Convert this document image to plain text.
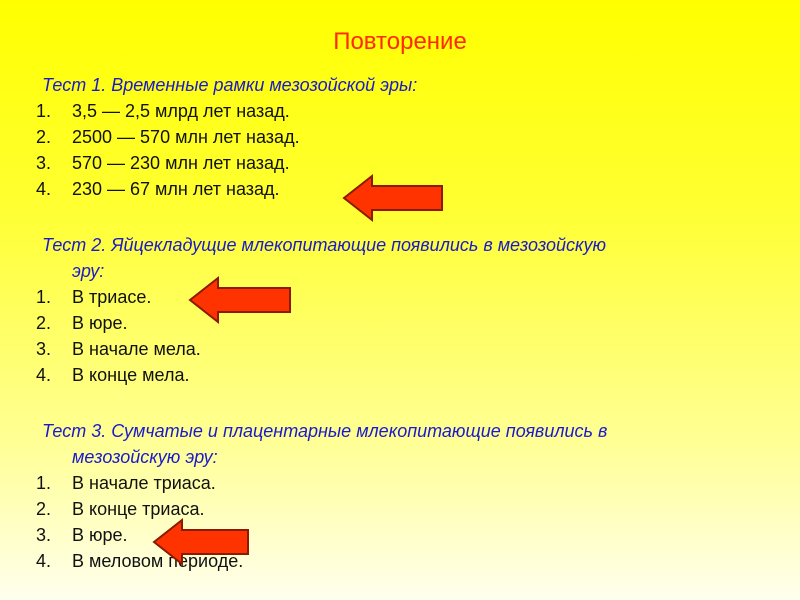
Повторение
Тест 1. Временные рамки мезозойской эры:
1. 3,5 — 2,5 млрд лет назад.
2. 2500 — 570 млн лет назад.
3. 570 — 230 млн лет назад.
4. 230 — 67 млн лет назад.
Тест 2. Яйцекладущие млекопитающие появились в мезозойскую
эру:
1. В триасе.
2. В юре.
3. В начале мела.
4. В конце мела.
Тест 3. Сумчатые и плацентарные млекопитающие появились в
мезозойскую эру:
1. В начале триаса.
2. В конце триаса.
3. В юре.
4. В меловом периоде.
